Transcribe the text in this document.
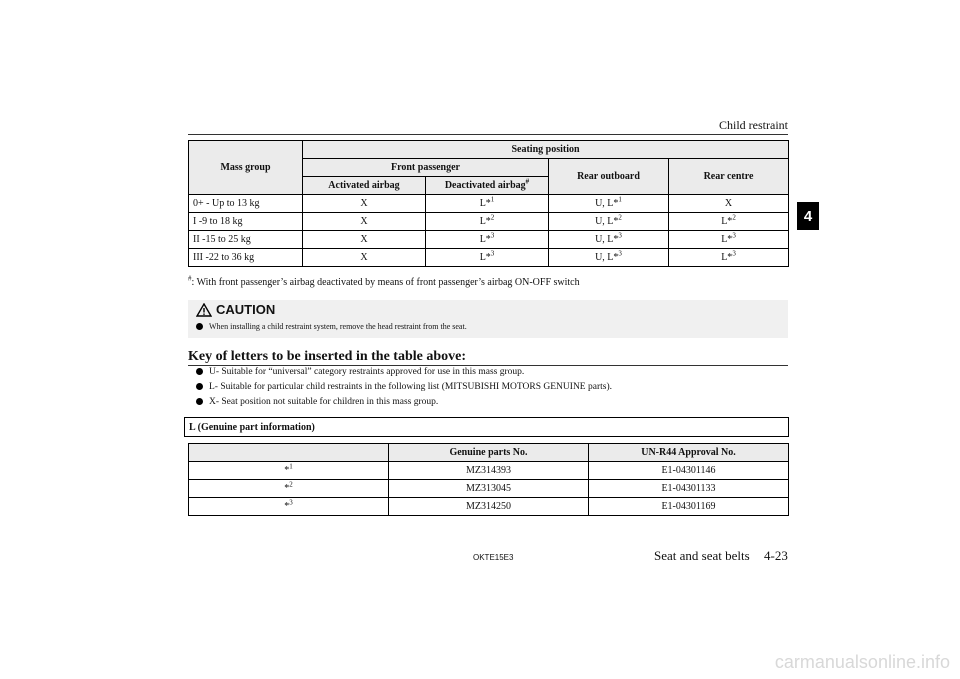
Child restraint
4
Mass group	Seating position			
	Front passenger		Rear outboard	Rear centre
	Activated airbag	Deactivated airbag#
0+ - Up to 13 kg	X	L*$^1$	U, L*$^1$	X
I -9 to 18 kg	X	L*$^2$	U, L*$^2$	L*$^2$
II -15 to 25 kg	X	L*$^3$	U, L*$^3$	L*$^3$
III -22 to 36 kg	X	L*$^3$	U, L*$^3$	L*$^3$
#: With front passenger’s airbag deactivated by means of front passenger’s airbag ON-OFF switch
CAUTION
When installing a child restraint system, remove the head restraint from the seat.
Key of letters to be inserted in the table above:
U- Suitable for “universal” category restraints approved for use in this mass group.
L- Suitable for particular child restraints in the following list (MITSUBISHI MOTORS GENUINE parts).
X- Seat position not suitable for children in this mass group.
L (Genuine part information)
	Genuine parts No.	UN-R44 Approval No.
*$^1$	MZ314393	E1-04301146
*$^2$	MZ313045	E1-04301133
*$^3$	MZ314250	E1-04301169
OKTE15E3	Seat and seat belts 4-23
carmanualsonline.info
